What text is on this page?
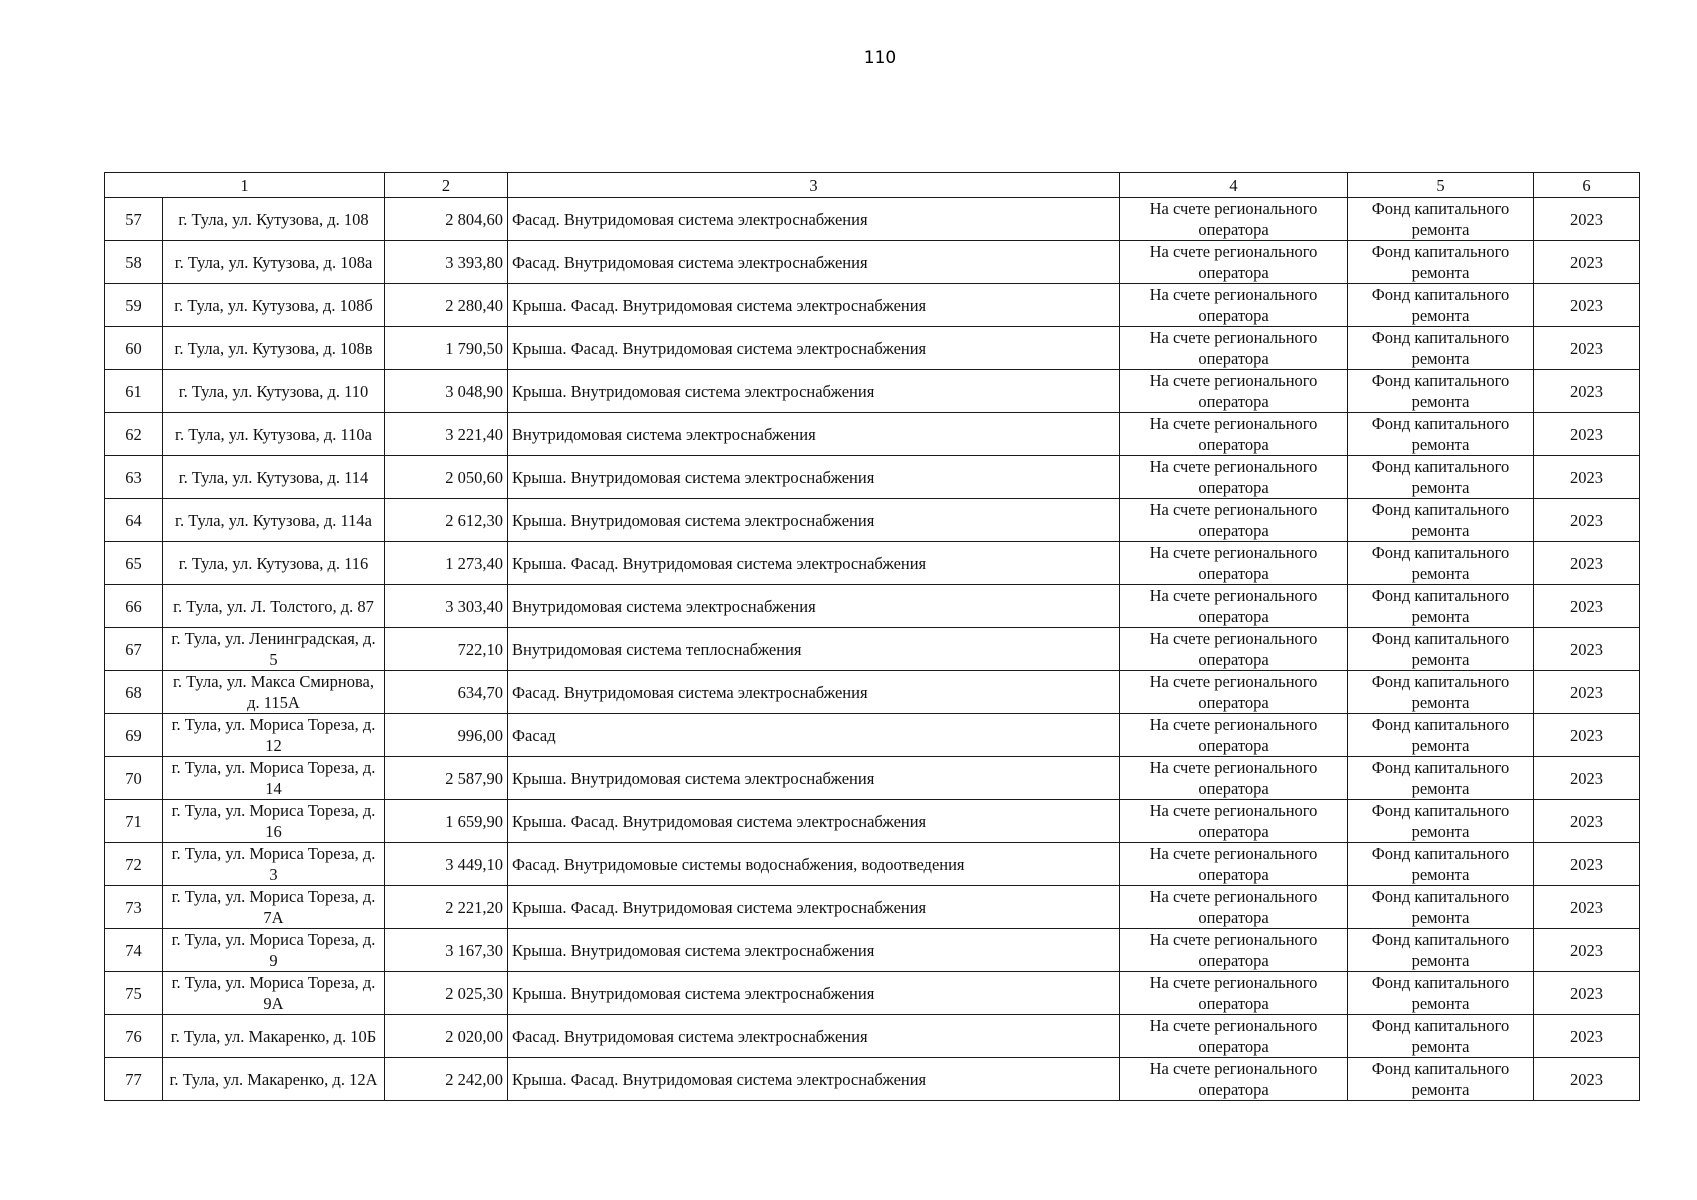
110
1		2	3	4	5	6
57	г. Тула, ул. Кутузова, д. 108	2 804,60	Фасад. Внутридомовая система электроснабжения	На счете регионального оператора	Фонд капитального ремонта	2023
58	г. Тула, ул. Кутузова, д. 108а	3 393,80	Фасад. Внутридомовая система электроснабжения	На счете регионального оператора	Фонд капитального ремонта	2023
59	г. Тула, ул. Кутузова, д. 108б	2 280,40	Крыша. Фасад. Внутридомовая система электроснабжения	На счете регионального оператора	Фонд капитального ремонта	2023
60	г. Тула, ул. Кутузова, д. 108в	1 790,50	Крыша. Фасад. Внутридомовая система электроснабжения	На счете регионального оператора	Фонд капитального ремонта	2023
61	г. Тула, ул. Кутузова, д. 110	3 048,90	Крыша. Внутридомовая система электроснабжения	На счете регионального оператора	Фонд капитального ремонта	2023
62	г. Тула, ул. Кутузова, д. 110а	3 221,40	Внутридомовая система электроснабжения	На счете регионального оператора	Фонд капитального ремонта	2023
63	г. Тула, ул. Кутузова, д. 114	2 050,60	Крыша. Внутридомовая система электроснабжения	На счете регионального оператора	Фонд капитального ремонта	2023
64	г. Тула, ул. Кутузова, д. 114а	2 612,30	Крыша. Внутридомовая система электроснабжения	На счете регионального оператора	Фонд капитального ремонта	2023
65	г. Тула, ул. Кутузова, д. 116	1 273,40	Крыша. Фасад. Внутридомовая система электроснабжения	На счете регионального оператора	Фонд капитального ремонта	2023
66	г. Тула, ул. Л. Толстого, д. 87	3 303,40	Внутридомовая система электроснабжения	На счете регионального оператора	Фонд капитального ремонта	2023
67	г. Тула, ул. Ленинградская, д. 5	722,10	Внутридомовая система теплоснабжения	На счете регионального оператора	Фонд капитального ремонта	2023
68	г. Тула, ул. Макса Смирнова, д. 115А	634,70	Фасад. Внутридомовая система электроснабжения	На счете регионального оператора	Фонд капитального ремонта	2023
69	г. Тула, ул. Мориса Тореза, д. 12	996,00	Фасад	На счете регионального оператора	Фонд капитального ремонта	2023
70	г. Тула, ул. Мориса Тореза, д. 14	2 587,90	Крыша. Внутридомовая система электроснабжения	На счете регионального оператора	Фонд капитального ремонта	2023
71	г. Тула, ул. Мориса Тореза, д. 16	1 659,90	Крыша. Фасад. Внутридомовая система электроснабжения	На счете регионального оператора	Фонд капитального ремонта	2023
72	г. Тула, ул. Мориса Тореза, д. 3	3 449,10	Фасад. Внутридомовые системы водоснабжения, водоотведения	На счете регионального оператора	Фонд капитального ремонта	2023
73	г. Тула, ул. Мориса Тореза, д. 7А	2 221,20	Крыша. Фасад. Внутридомовая система электроснабжения	На счете регионального оператора	Фонд капитального ремонта	2023
74	г. Тула, ул. Мориса Тореза, д. 9	3 167,30	Крыша. Внутридомовая система электроснабжения	На счете регионального оператора	Фонд капитального ремонта	2023
75	г. Тула, ул. Мориса Тореза, д. 9А	2 025,30	Крыша. Внутридомовая система электроснабжения	На счете регионального оператора	Фонд капитального ремонта	2023
76	г. Тула, ул. Макаренко, д. 10Б	2 020,00	Фасад. Внутридомовая система электроснабжения	На счете регионального оператора	Фонд капитального ремонта	2023
77	г. Тула, ул. Макаренко, д. 12А	2 242,00	Крыша. Фасад. Внутридомовая система электроснабжения	На счете регионального оператора	Фонд капитального ремонта	2023
